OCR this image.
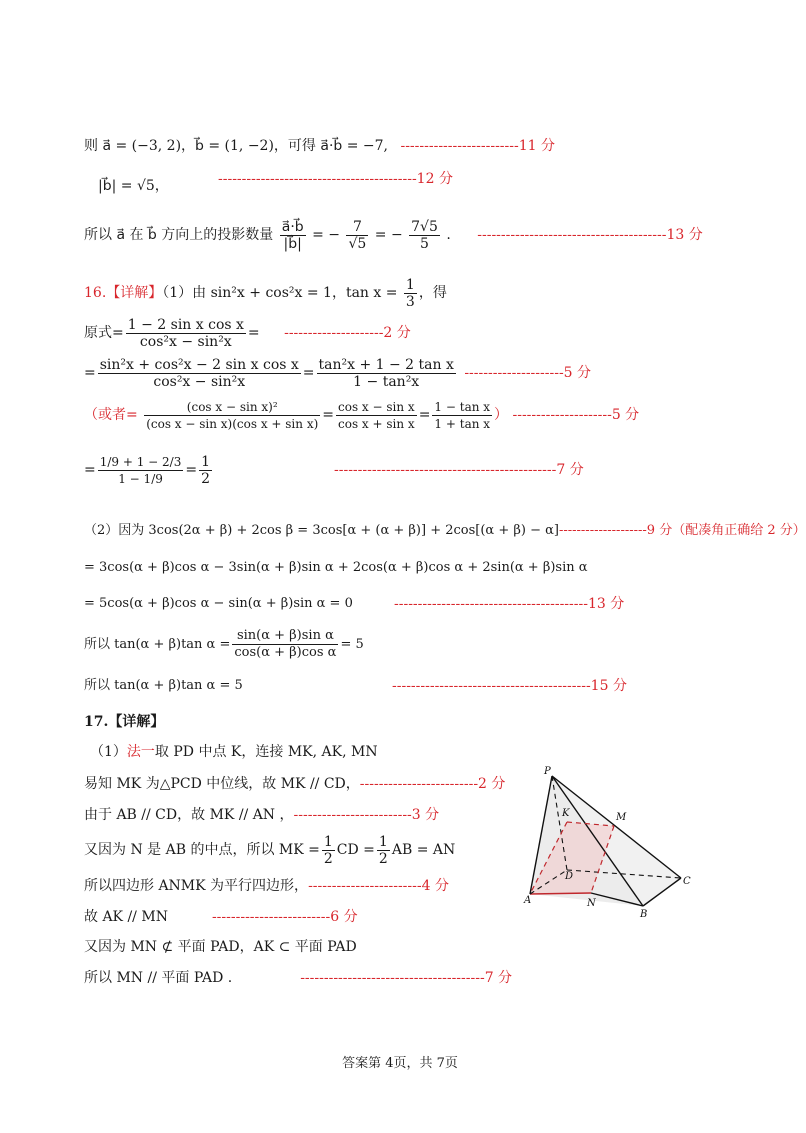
则 a⃗ = (−3, 2)，b⃗ = (1, −2)，可得 a⃗·b⃗ = −7, -------------------------11 分
|b⃗| = √5，	------------------------------------------12 分
所以 a⃗ 在 b⃗ 方向上的投影数量 $\frac{a⃗\cdot b⃗}{|b⃗|}$ = − $\frac{7}{√5}$ = − $\frac{7√5}{5}$ . ----------------------------------------13 分
16.【详解】（1）由 sin²x + cos²x = 1，$\tan x = \frac{1}{3}$ ，得
原式= $\frac{\text{1 − 2 sin x cos x}}{\text{cos²x − sin²x}} = ---------------------2$ 分
= $\frac{\text{sin²x + cos²x − 2 sin x cos x}}{\text{cos²x − sin²x}} = \frac{\text{tan²x + 1 − 2 tan x}}{\text{1 − tan²x}} ---------------------5$ 分
（或者= $\frac{\text{(cos x − sin x)²}}{\text{(cos x − sin x)(cos x + sin x)}} = \frac{\text{cos x − sin x}}{\text{cos x + sin x}} = \frac{\text{1 − tan x}}{\text{1 + tan x}}$ ） ---------------------5 分
= $\frac{1/9 + 1 - 2/3}{1 - 1/9} = \frac{1}{2}$	-----------------------------------------------7 分
（2）因为 3cos(2α + β) + 2cos β = 3cos[α + (α + β)] + 2cos[(α + β) − α]--------------------9 分（配凑角正确给 2 分）
= 3cos(α + β)cos α − 3sin(α + β)sin α + 2cos(α + β)cos α + 2sin(α + β)sin α
= 5cos(α + β)cos α − sin(α + β)sin α = 0	-----------------------------------------13 分
所以 tan(α + β)tan $\alpha = \frac{\text{sin(α + β)sin α}}{\text{cos(α + β)cos α}} = 5$
所以 tan(α + β)tan α = 5	------------------------------------------15 分
17.【详解】
（1）法一取 PD 中点 K，连接 MK, AK, MN
易知 MK 为△PCD 中位线，故 MK // CD，-------------------------2 分
由于 AB // CD，故 MK // AN ，-------------------------3 分
又因为 N 是 AB 的中点，所以 MK = $\frac{1}{2}$ CD = $\frac{1}{2}$ AB = AN
所以四边形 ANMK 为平行四边形，------------------------4 分
故 AK // MN	-------------------------6 分
又因为 MN ⊄ 平面 PAD，AK ⊂ 平面 PAD
所以 MN // 平面 PAD .	---------------------------------------7 分
P
K	M
D	C
A	N
B
答案第 4页，共 7页
